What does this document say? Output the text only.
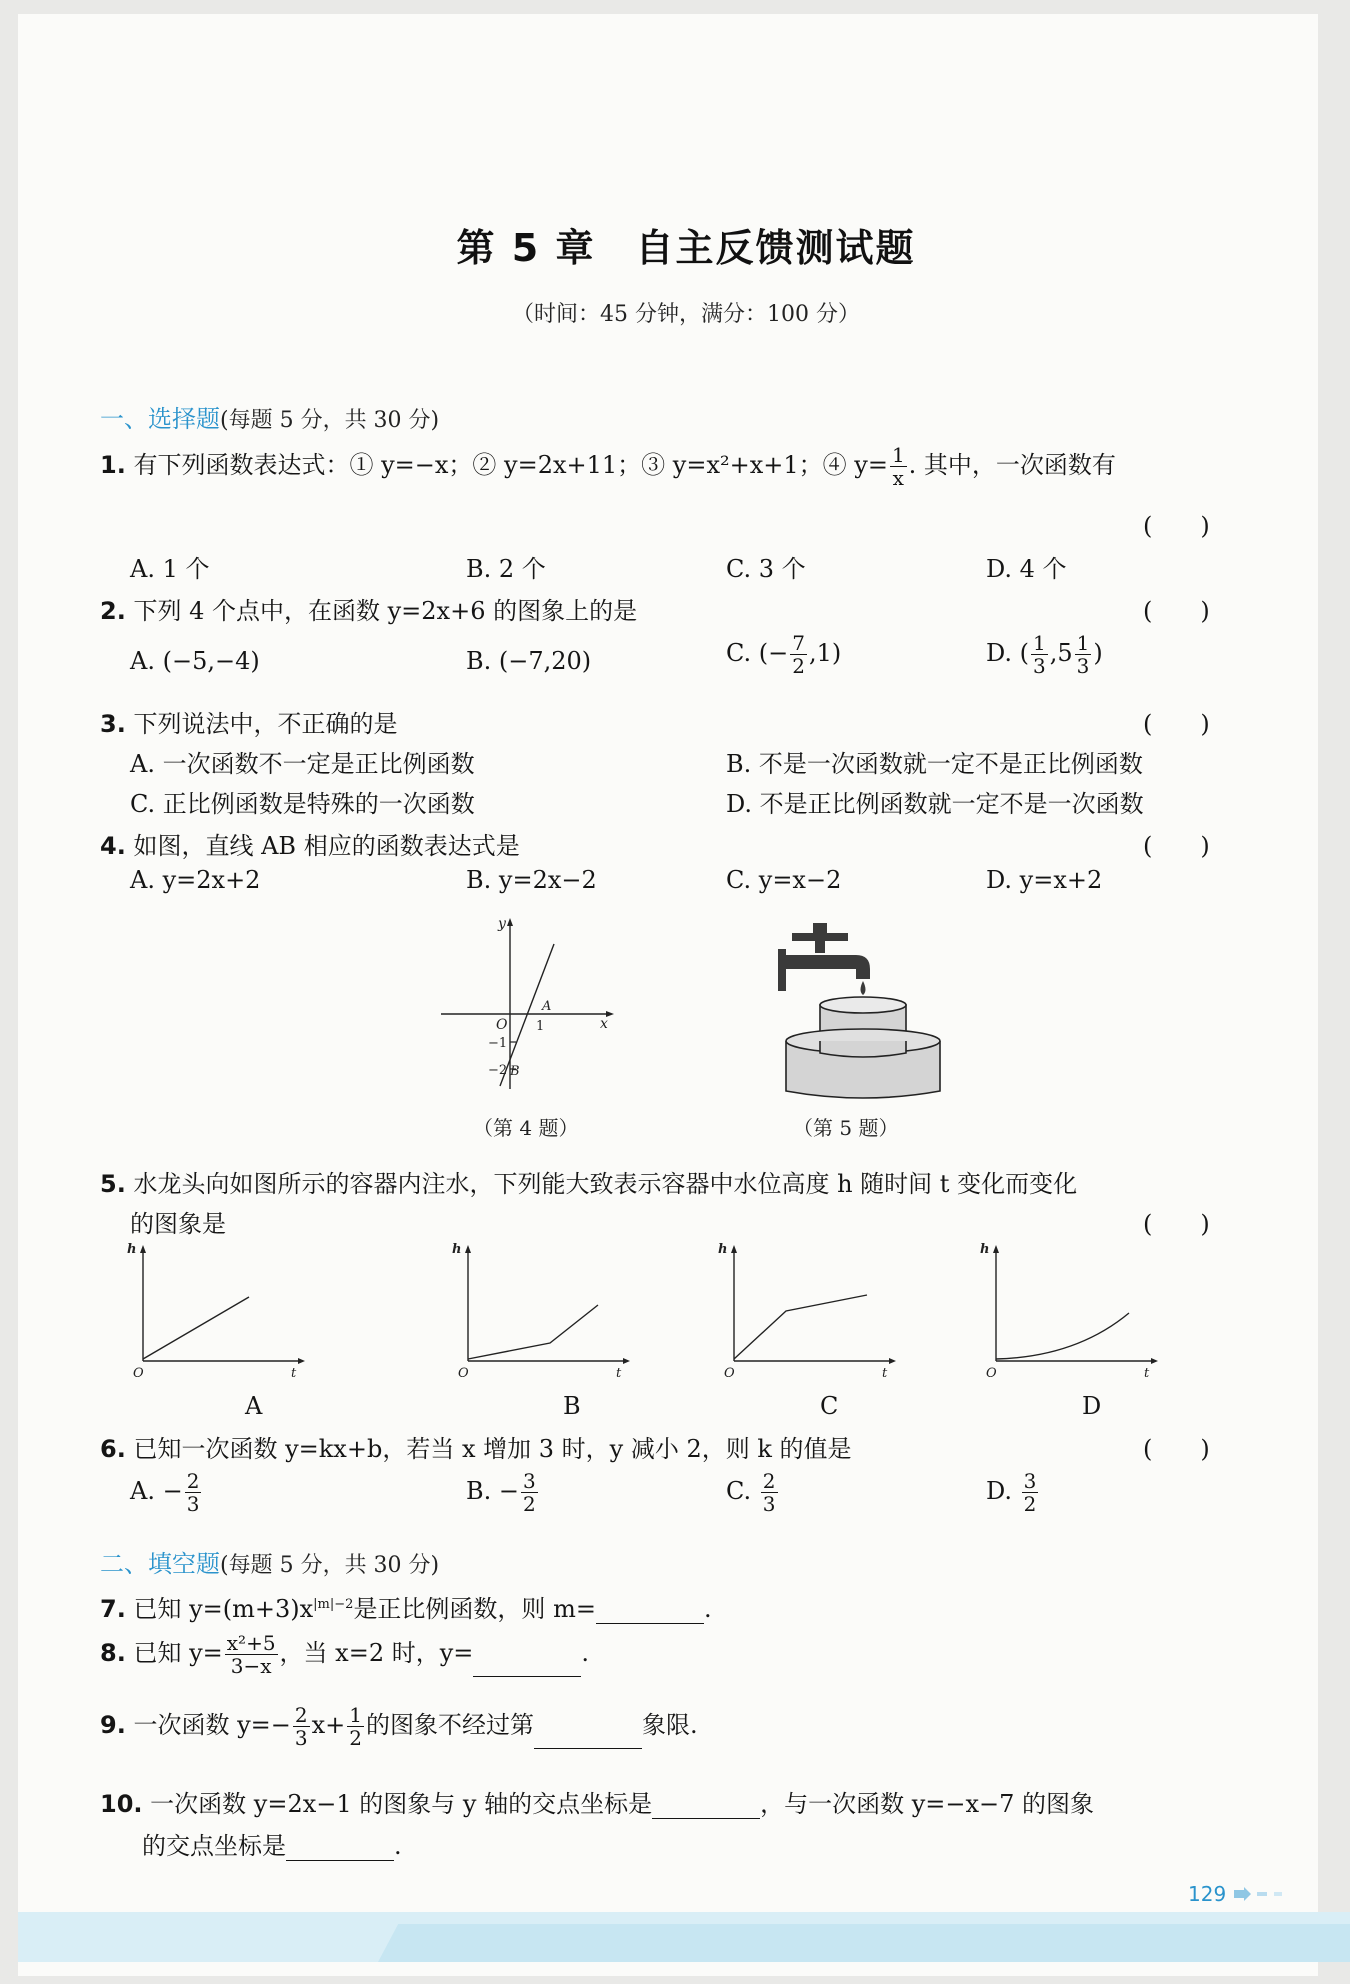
第 5 章　自主反馈测试题
（时间：45 分钟，满分：100 分）
一、选择题(每题 5 分，共 30 分)
1. 有下列函数表达式：① y=−x；② y=2x+11；③ y=x²+x+1；④ $y= \frac{1}{x}$ . 其中，一次函数有
(　　)
A. 1 个	B. 2 个	C. 3 个	D. 4 个
2. 下列 4 个点中，在函数 y=2x+6 的图象上的是	(　　)
A. (−5,−4)	B. (−7,20)	C. (− $\frac{7}{2} ,1$)	D. ( $\frac{1}{3} ,5 \frac{1}{3}$ )
3. 下列说法中，不正确的是	(　　)
A. 一次函数不一定是正比例函数	B. 不是一次函数就一定不是正比例函数
C. 正比例函数是特殊的一次函数	D. 不是正比例函数就一定不是一次函数
4. 如图，直线 AB 相应的函数表达式是	(　　)
A. y=2x+2	B. y=2x−2	C. y=x−2	D. y=x+2
y
x
O
A
1
−1
−2 B
（第 4 题）	（第 5 题）
5. 水龙头向如图所示的容器内注水，下列能大致表示容器中水位高度 h 随时间 t 变化而变化
的图象是	(　　)
h
O	t
A
h
O	t
B
h
O	t
C
h
O	t
D
6. 已知一次函数 y=kx+b，若当 x 增加 3 时，y 减小 2，则 k 的值是	(　　)
A. − $\frac{2}{3}$	B. − $\frac{3}{2}$	C. $\frac{2}{3}$	D. $\frac{3}{2}$
二、填空题(每题 5 分，共 30 分)
7. 已知 $y=(m+3)x^{|m|-2}$是正比例函数，则 m=	.
8. 已知 $y= \frac{\text{x²+5}}{3-x}$ ，当 x=2 时，y=	.
9. 一次函数 $y=- \frac{2}{3} x+ \frac{1}{2}$ 的图象不经过第	象限.
10. 一次函数 y=2x−1 的图象与 y 轴的交点坐标是	，与一次函数 y=−x−7 的图象
的交点坐标是	.
129
